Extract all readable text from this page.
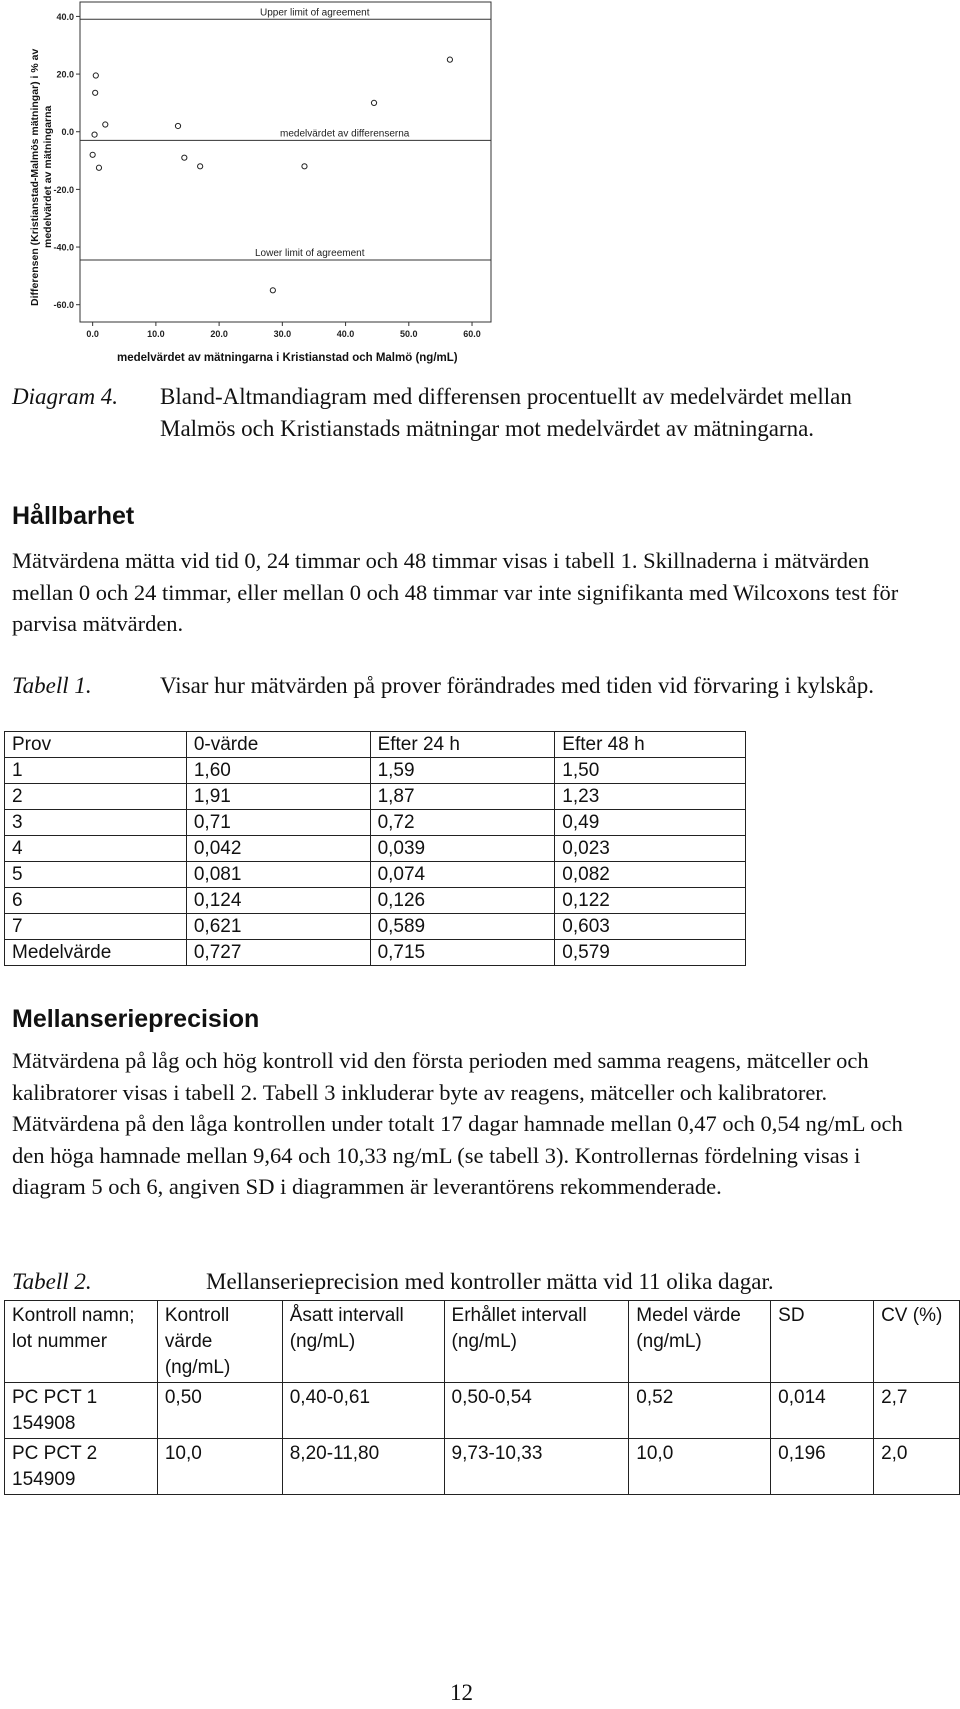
Upper limit of agreement
medelvärdet av differenserna
Lower limit of agreement
40.0
20.0
0.0
-20.0
-40.0
-60.0
0.0	10.0	20.0	30.0	40.0	50.0	60.0
Differensen (Kristianstad-Malmös mätningar) i % av medelvärdet av mätningarna
medelvärdet av mätningarna i Kristianstad och Malmö (ng/mL)
Diagram 4. Bland-Altmandiagram med differensen procentuellt av medelvärdet mellan Malmös och Kristianstads mätningar mot medelvärdet av mätningarna.
Hållbarhet
Mätvärdena mätta vid tid 0, 24 timmar och 48 timmar visas i tabell 1. Skillnaderna i mätvärden mellan 0 och 24 timmar, eller mellan 0 och 48 timmar var inte signifikanta med Wilcoxons test för parvisa mätvärden.
Tabell 1.	Visar hur mätvärden på prover förändrades med tiden vid förvaring i kylskåp.
Prov	0-värde	Efter 24 h	Efter 48 h
1	1,60	1,59	1,50
2	1,91	1,87	1,23
3	0,71	0,72	0,49
4	0,042	0,039	0,023
5	0,081	0,074	0,082
6	0,124	0,126	0,122
7	0,621	0,589	0,603
Medelvärde	0,727	0,715	0,579
Mellanserieprecision
Mätvärdena på låg och hög kontroll vid den första perioden med samma reagens, mätceller och kalibratorer visas i tabell 2. Tabell 3 inkluderar byte av reagens, mätceller och kalibratorer. Mätvärdena på den låga kontrollen under totalt 17 dagar hamnade mellan 0,47 och 0,54 ng/mL och den höga hamnade mellan 9,64 och 10,33 ng/mL (se tabell 3). Kontrollernas fördelning visas i diagram 5 och 6, angiven SD i diagrammen är leverantörens rekommenderade.
Tabell 2.	Mellanserieprecision med kontroller mätta vid 11 olika dagar.
Kontroll namn; lot nummer	Kontroll värde (ng/mL)	Åsatt intervall (ng/mL)	Erhållet intervall (ng/mL)	Medel värde (ng/mL)	SD	CV (%)
PC PCT 1 154908	0,50	0,40-0,61	0,50-0,54	0,52	0,014	2,7
PC PCT 2 154909	10,0	8,20-11,80	9,73-10,33	10,0	0,196	2,0
12
